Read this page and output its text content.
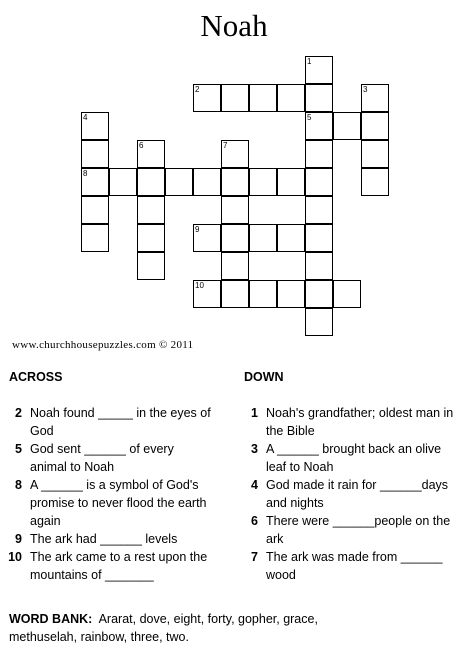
Noah
1
5
2	3
4
8
6	7
9
10
www.churchhousepuzzles.com © 2011
ACROSS	DOWN
2 Noah found _____ in the eyes of God
5 God sent ______ of every animal to Noah
8 A ______ is a symbol of God's promise to never flood the earth again
9 The ark had ______ levels
10 The ark came to a rest upon the mountains of _______
1 Noah's grandfather; oldest man in the Bible
3 A ______ brought back an olive leaf to Noah
4 God made it rain for ______days and nights
6 There were ______people on the ark
7 The ark was made from ______ wood
WORD BANK: Ararat, dove, eight, forty, gopher, grace, methuselah, rainbow, three, two.
